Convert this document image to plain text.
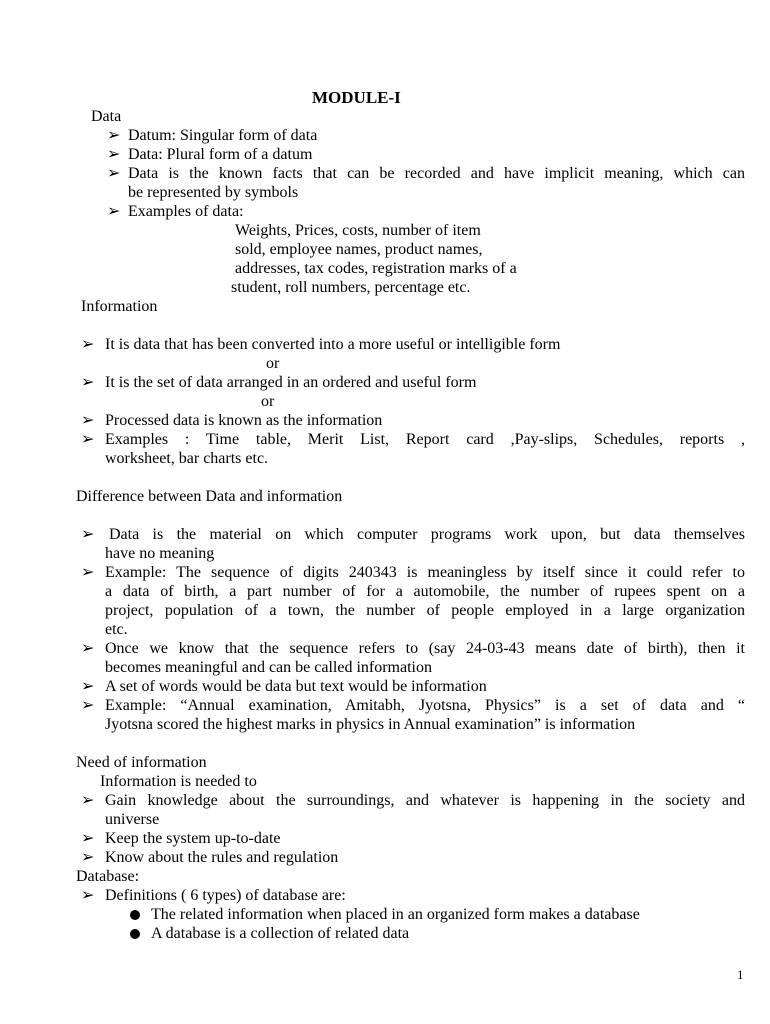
MODULE-I
Data
➢ Datum: Singular form of data
➢ Data: Plural form of a datum
➢ Data is the known facts that can be recorded and have implicit meaning, which can
be represented by symbols
➢ Examples of data:
Weights, Prices, costs, number of item
sold, employee names, product names,
addresses, tax codes, registration marks of a
student, roll numbers, percentage etc.
Information
➢ It is data that has been converted into a more useful or intelligible form
or
➢ It is the set of data arranged in an ordered and useful form
or
➢ Processed data is known as the information
➢ Examples : Time table, Merit List, Report card ,Pay-slips, Schedules, reports ,
worksheet, bar charts etc.
Difference between Data and information
➢ Data is the material on which computer programs work upon, but data themselves
have no meaning
➢ Example: The sequence of digits 240343 is meaningless by itself since it could refer to
a data of birth, a part number of for a automobile, the number of rupees spent on a
project, population of a town, the number of people employed in a large organization
etc.
➢ Once we know that the sequence refers to (say 24-03-43 means date of birth), then it
becomes meaningful and can be called information
➢ A set of words would be data but text would be information
➢ Example: “Annual examination, Amitabh, Jyotsna, Physics” is a set of data and “
Jyotsna scored the highest marks in physics in Annual examination” is information
Need of information
Information is needed to
➢ Gain knowledge about the surroundings, and whatever is happening in the society and
universe
➢ Keep the system up-to-date
➢ Know about the rules and regulation
Database:
➢ Definitions ( 6 types) of database are:
The related information when placed in an organized form makes a database
A database is a collection of related data
1
